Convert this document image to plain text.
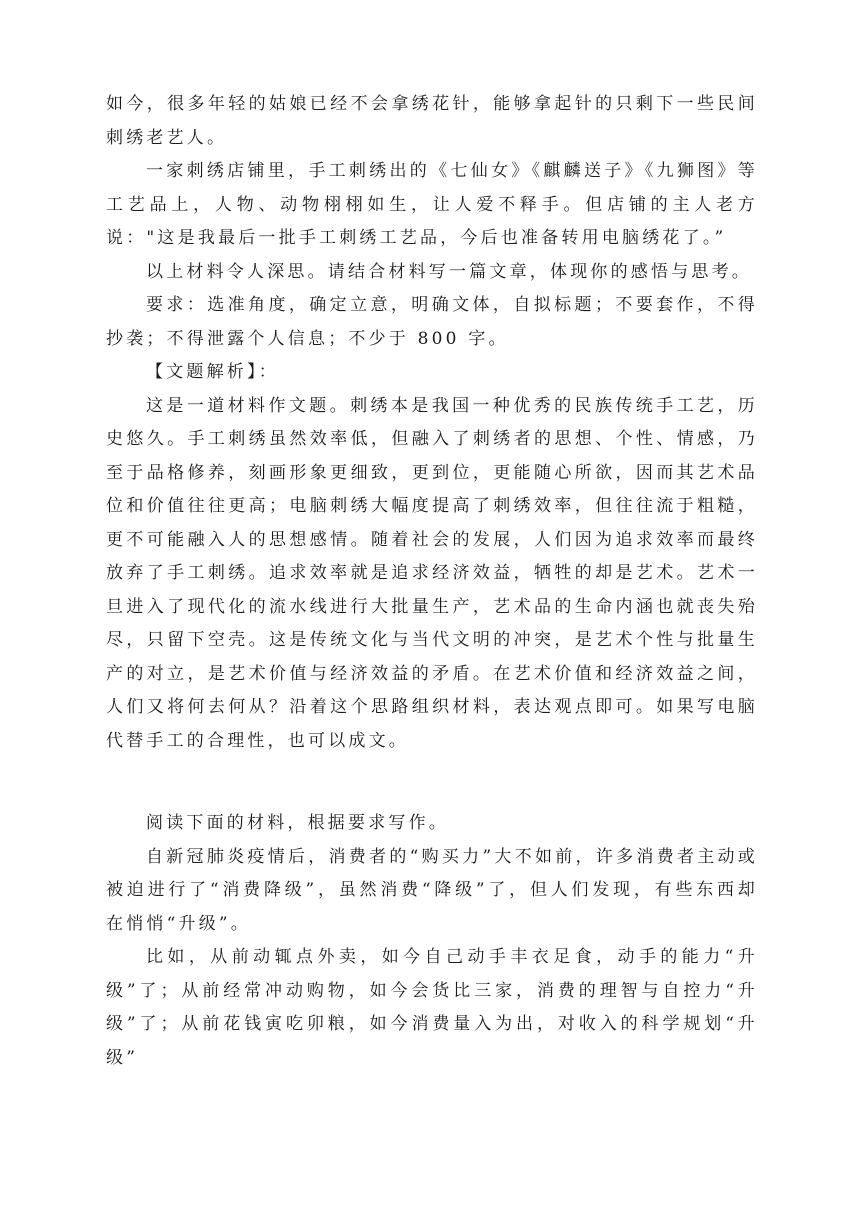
如今，很多年轻的姑娘已经不会拿绣花针，能够拿起针的只剩下一些民间刺绣老艺人。

一家刺绣店铺里，手工刺绣出的《七仙女》《麒麟送子》《九狮图》等工艺品上，人物、动物栩栩如生，让人爱不释手。但店铺的主人老方说："这是我最后一批手工刺绣工艺品，今后也准备转用电脑绣花了。”

以上材料令人深思。请结合材料写一篇文章，体现你的感悟与思考。

要求：选准角度，确定立意，明确文体，自拟标题；不要套作，不得抄袭；不得泄露个人信息；不少于 800 字。

【文题解析】：

这是一道材料作文题。刺绣本是我国一种优秀的民族传统手工艺，历史悠久。手工刺绣虽然效率低，但融入了刺绣者的思想、个性、情感，乃至于品格修养，刻画形象更细致，更到位，更能随心所欲，因而其艺术品位和价值往往更高；电脑刺绣大幅度提高了刺绣效率，但往往流于粗糙，更不可能融入人的思想感情。随着社会的发展，人们因为追求效率而最终放弃了手工刺绣。追求效率就是追求经济效益，牺牲的却是艺术。艺术一旦进入了现代化的流水线进行大批量生产，艺术品的生命内涵也就丧失殆尽，只留下空壳。这是传统文化与当代文明的冲突，是艺术个性与批量生产的对立，是艺术价值与经济效益的矛盾。在艺术价值和经济效益之间，人们又将何去何从？沿着这个思路组织材料，表达观点即可。如果写电脑代替手工的合理性，也可以成文。

阅读下面的材料，根据要求写作。

自新冠肺炎疫情后，消费者的“购买力”大不如前，许多消费者主动或被迫进行了“消费降级”，虽然消费“降级”了，但人们发现，有些东西却在悄悄“升级”。

比如，从前动辄点外卖，如今自己动手丰衣足食，动手的能力“升级”了；从前经常冲动购物，如今会货比三家，消费的理智与自控力“升级”了；从前花钱寅吃卯粮，如今消费量入为出，对收入的科学规划“升级”
